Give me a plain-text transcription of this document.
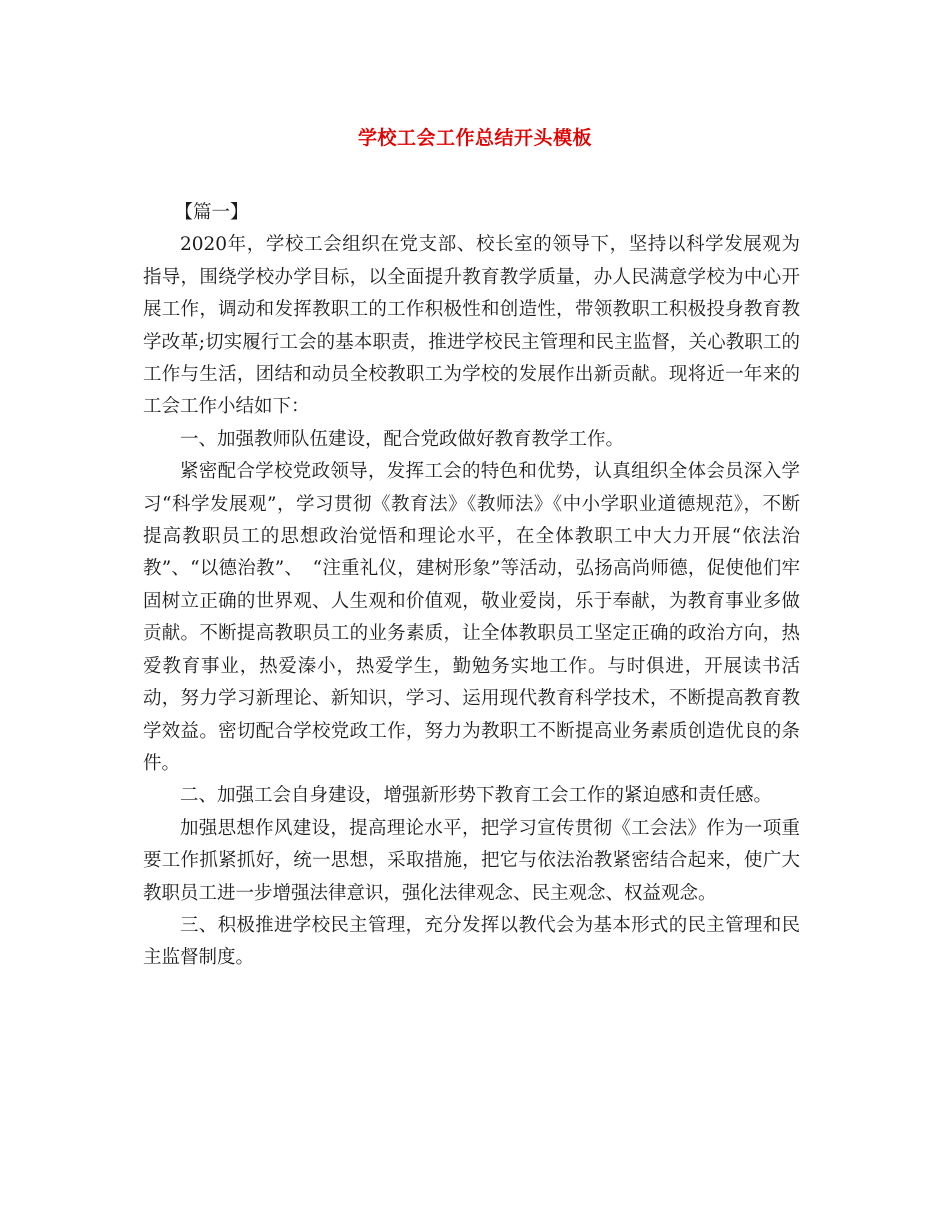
学校工会工作总结开头模板

【篇一】

2020年，学校工会组织在党支部、校长室的领导下，坚持以科学发展观为指导，围绕学校办学目标，以全面提升教育教学质量，办人民满意学校为中心开展工作，调动和发挥教职工的工作积极性和创造性，带领教职工积极投身教育教学改革;切实履行工会的基本职责，推进学校民主管理和民主监督，关心教职工的工作与生活，团结和动员全校教职工为学校的发展作出新贡献。现将近一年来的工会工作小结如下：

一、加强教师队伍建设，配合党政做好教育教学工作。

紧密配合学校党政领导，发挥工会的特色和优势，认真组织全体会员深入学习“科学发展观”，学习贯彻《教育法》《教师法》《中小学职业道德规范》，不断提高教职员工的思想政治觉悟和理论水平，在全体教职工中大力开展“依法治教”、“以德治教”、　“注重礼仪，建树形象”等活动，弘扬高尚师德，促使他们牢固树立正确的世界观、人生观和价值观，敬业爱岗，乐于奉献，为教育事业多做贡献。不断提高教职员工的业务素质，让全体教职员工坚定正确的政治方向，热爱教育事业，热爱溱小，热爱学生，勤勉务实地工作。与时俱进，开展读书活动，努力学习新理论、新知识，学习、运用现代教育科学技术，不断提高教育教学效益。密切配合学校党政工作，努力为教职工不断提高业务素质创造优良的条件。

二、加强工会自身建设，增强新形势下教育工会工作的紧迫感和责任感。

加强思想作风建设，提高理论水平，把学习宣传贯彻《工会法》作为一项重要工作抓紧抓好，统一思想，采取措施，把它与依法治教紧密结合起来，使广大教职员工进一步增强法律意识，强化法律观念、民主观念、权益观念。

三、积极推进学校民主管理，充分发挥以教代会为基本形式的民主管理和民主监督制度。
